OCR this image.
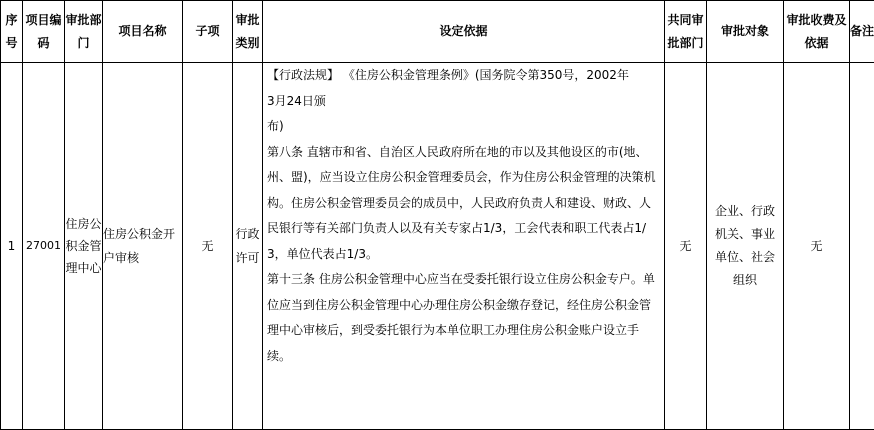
序号	项目编码	审批部门	项目名称	子项	审批类别	设定依据	共同审批部门	审批对象	审批收费及依据	备注
1	27001	住房公积金管理中心	住房公积金开户审核	无	行政许可	【行政法规】 《住房公积金管理条例》(国务院令第350号，2002年

3月24日颁

布)

第八条 直辖市和省、自治区人民政府所在地的市以及其他设区的市(地、州、盟)，应当设立住房公积金管理委员会，作为住房公积金管理的决策机构。住房公积金管理委员会的成员中，人民政府负责人和建设、财政、人民银行等有关部门负责人以及有关专家占1/3，工会代表和职工代表占1/3，单位代表占1/3。

第十三条 住房公积金管理中心应当在受委托银行设立住房公积金专户。单位应当到住房公积金管理中心办理住房公积金缴存登记，经住房公积金管理中心审核后，到受委托银行为本单位职工办理住房公积金账户设立手续。	无	企业、行政机关、事业单位、社会组织	无	
